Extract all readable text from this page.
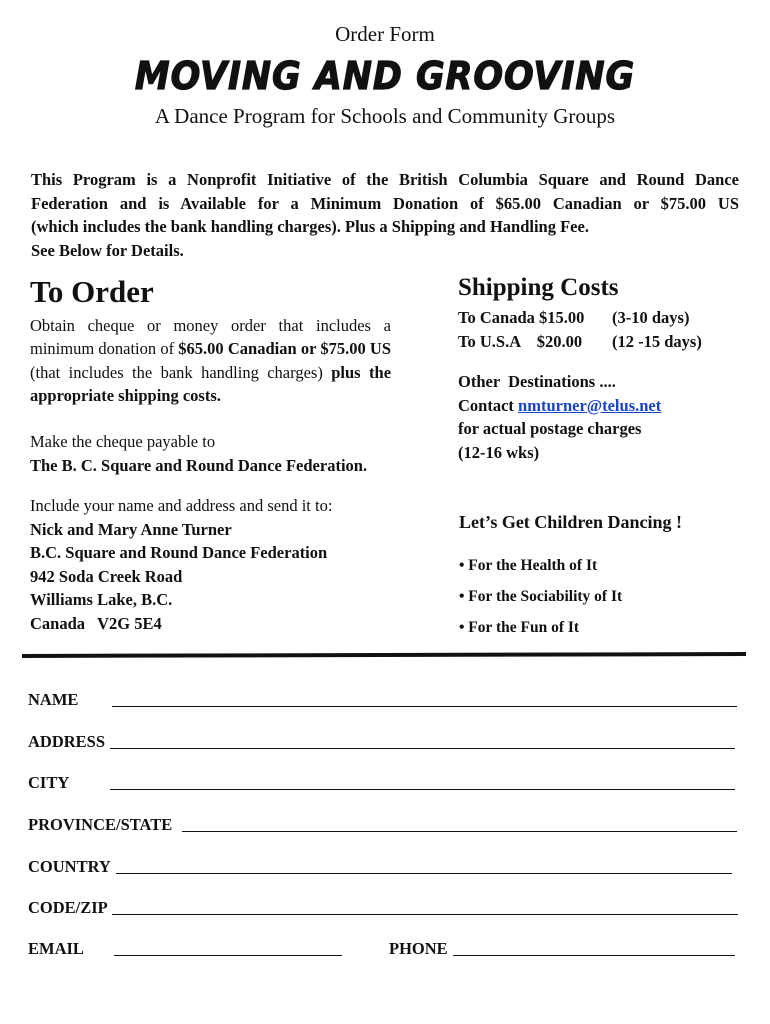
Order Form
MOVING AND GROOVING
A Dance Program for Schools and Community Groups

This Program is a Nonprofit Initiative of the British Columbia Square and Round Dance

Federation and is Available for a Minimum Donation of $65.00 Canadian or $75.00 US

(which includes the bank handling charges). Plus a Shipping and Handling Fee.

See Below for Details.

To Order

Obtain cheque or money order that includes a minimum donation of $65.00 Canadian or $75.00 US (that includes the bank handling charges) plus the appropriate shipping costs.

Make the cheque payable to
The B. C. Square and Round Dance Federation.
Include your name and address and send it to:
Nick and Mary Anne Turner
B.C. Square and Round Dance Federation
942 Soda Creek Road
Williams Lake, B.C.
Canada   V2G 5E4
Shipping Costs
To Canada $15.00 (3-10 days)
To U.S.A    $20.00 (12 -15 days)
Other  Destinations ....
Contact nmturner@telus.net
for actual postage charges
(12-16 wks)
Let’s Get Children Dancing !
• For the Health of It
• For the Sociability of It
• For the Fun of It
NAME
ADDRESS
CITY
PROVINCE/STATE
COUNTRY
CODE/ZIP
EMAIL	PHONE
